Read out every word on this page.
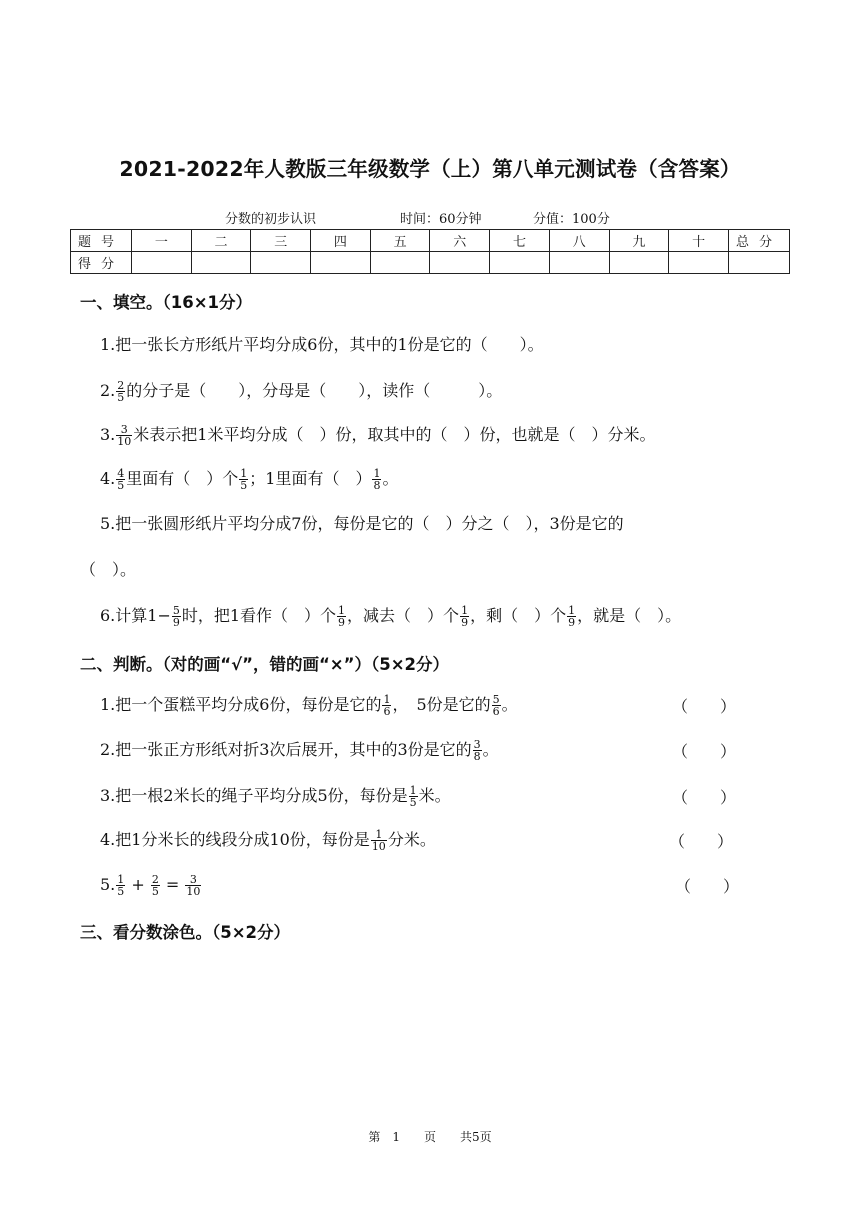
2021-2022年人教版三年级数学（上）第八单元测试卷（含答案）
分数的初步认识	时间：60分钟	分值：100分
题号	一	二	三	四	五	六	七	八	九	十	总分
得分											
一、填空。（16×1分）
1.把一张长方形纸片平均分成6份，其中的1份是它的（　　）。
2. $\frac{2}{5}$ 的分子是（　　），分母是（　　），读作（　　　）。
3. $\frac{3}{10}$ 米表示把1米平均分成（　）份，取其中的（　）份，也就是（　）分米。
4. $\frac{4}{5}$ 里面有（　）个 $\frac{1}{5}$ ；1里面有（　） $\frac{1}{8}$ 。
5.把一张圆形纸片平均分成7份，每份是它的（　）分之（　），3份是它的
（　）。
6.计算$1- \frac{5}{9}$ 时，把1看作（　）个 $\frac{1}{9}$ ，减去（　）个 $\frac{1}{9}$ ，剩（　）个 $\frac{1}{9}$ ，就是（　）。
二、判断。（对的画“√”，错的画“×”）（5×2分）
1.把一个蛋糕平均分成6份，每份是它的 $\frac{1}{6}$ ，　5份是它的 $\frac{5}{6}$ 。	（　　）
2.把一张正方形纸对折3次后展开，其中的3份是它的 $\frac{3}{8}$ 。	（　　）
3.把一根2米长的绳子平均分成5份，每份是 $\frac{1}{5}$ 米。	（　　）
4.把1分米长的线段分成10份，每份是 $\frac{1}{10}$ 分米。	（　　）
5. $\frac{1}{5} + \frac{2}{5} = \frac{3}{10}$	（　　）
三、看分数涂色。（5×2分）
第　1　　页　　共5页
